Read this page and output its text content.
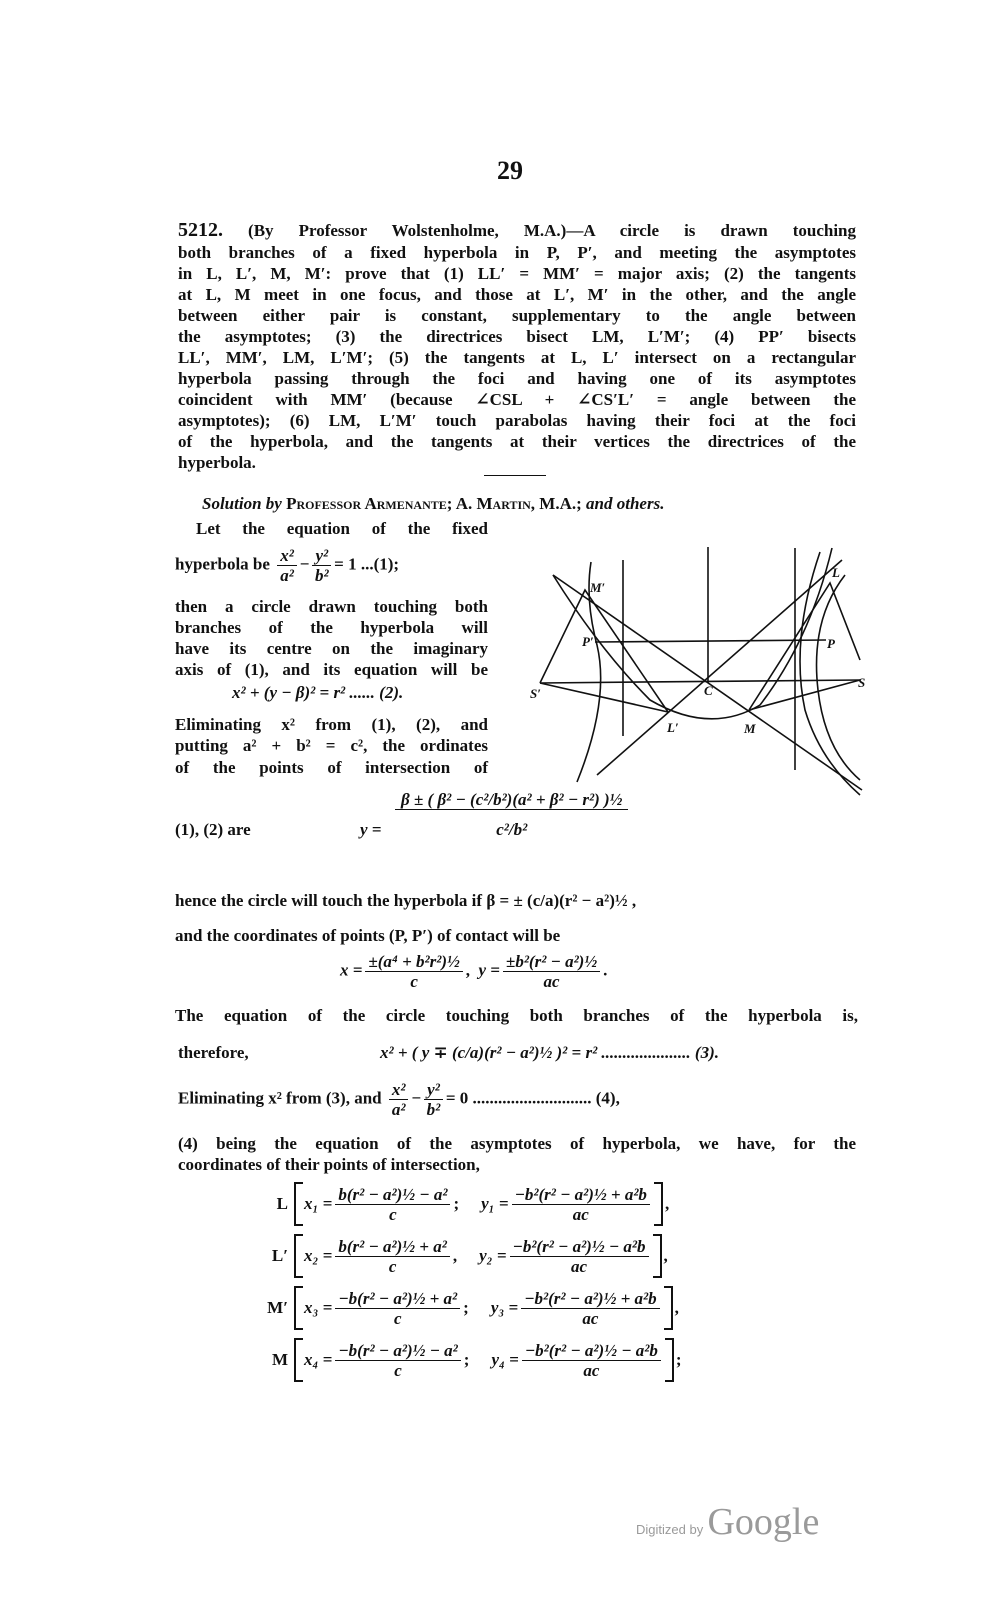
29
5212. (By Professor Wolstenholme, M.A.)—A circle is drawn touching
both branches of a fixed hyperbola in P, P′, and meeting the asymptotes
in L, L′, M, M′: prove that (1) LL′ = MM′ = major axis; (2) the tangents
at L, M meet in one focus, and those at L′, M′ in the other, and the angle
between either pair is constant, supplementary to the angle between
the asymptotes; (3) the directrices bisect LM, L′M′; (4) PP′ bisects
LL′, MM′, LM, L′M′; (5) the tangents at L, L′ intersect on a rectangular
hyperbola passing through the foci and having one of its asymptotes
coincident with MM′ (because ∠CSL + ∠CS′L′ = angle between the
asymptotes); (6) LM, L′M′ touch parabolas having their foci at the foci
of the hyperbola, and the tangents at their vertices the directrices of the
hyperbola.
Solution by Professor Armenante; A. Martin, M.A.; and others.
Let the equation of the fixed
hyperbola be $\frac{\text{x²}}{\text{a²}} - \frac{\text{y²}}{\text{b²}} = 1$ ...(1);
then a circle drawn touching both
branches of the hyperbola will
have its centre on the imaginary
axis of (1), and its equation will be
x² + (y − β)² = r² ...... (2).
Eliminating x² from (1), (2), and
putting a² + b² = c², the ordinates
of the points of intersection of
M′
P′
S′	C
L′	M
L
P
S
(1), (2) are	$y = \frac{\text{β ± ( β² − (c²/b²)(a² + β² − r²) )½}}{\text{c²/b²}}$
hence the circle will touch the hyperbola if β = ± (c/a)(r² − a²)½ ,
and the coordinates of points (P, P′) of contact will be
$x = \frac{\text{±(a⁴ + b²r²)½}}{c}$ ,  $y = \frac{\text{±b²(r² − a²)½}}{ac}$ .
The equation of the circle touching both branches of the hyperbola is,
therefore,	x² + ( y ∓ (c/a)(r² − a²)½ )² = r² ..................... (3).
Eliminating x² from (3), and $\frac{\text{x²}}{\text{a²}} - \frac{\text{y²}}{\text{b²}} = 0$ ............................ (4),
(4) being the equation of the asymptotes of hyperbola, we have, for the
coordinates of their points of intersection,
L $x_1 = \frac{\text{b(r² − a²)½ − a²}}{c}$ ; $y_1 = \frac{\text{−b²(r² − a²)½ + a²b}}{ac}$ ,
L′ $x_2 = \frac{\text{b(r² − a²)½ + a²}}{c}$ , $y_2 = \frac{\text{−b²(r² − a²)½ − a²b}}{ac}$ ,
M′ $x_3 = \frac{\text{−b(r² − a²)½ + a²}}{c}$ ; $y_3 = \frac{\text{−b²(r² − a²)½ + a²b}}{ac}$ ,
M $x_4 = \frac{\text{−b(r² − a²)½ − a²}}{c}$ ; $y_4 = \frac{\text{−b²(r² − a²)½ − a²b}}{ac}$ ;
Digitized by Google
